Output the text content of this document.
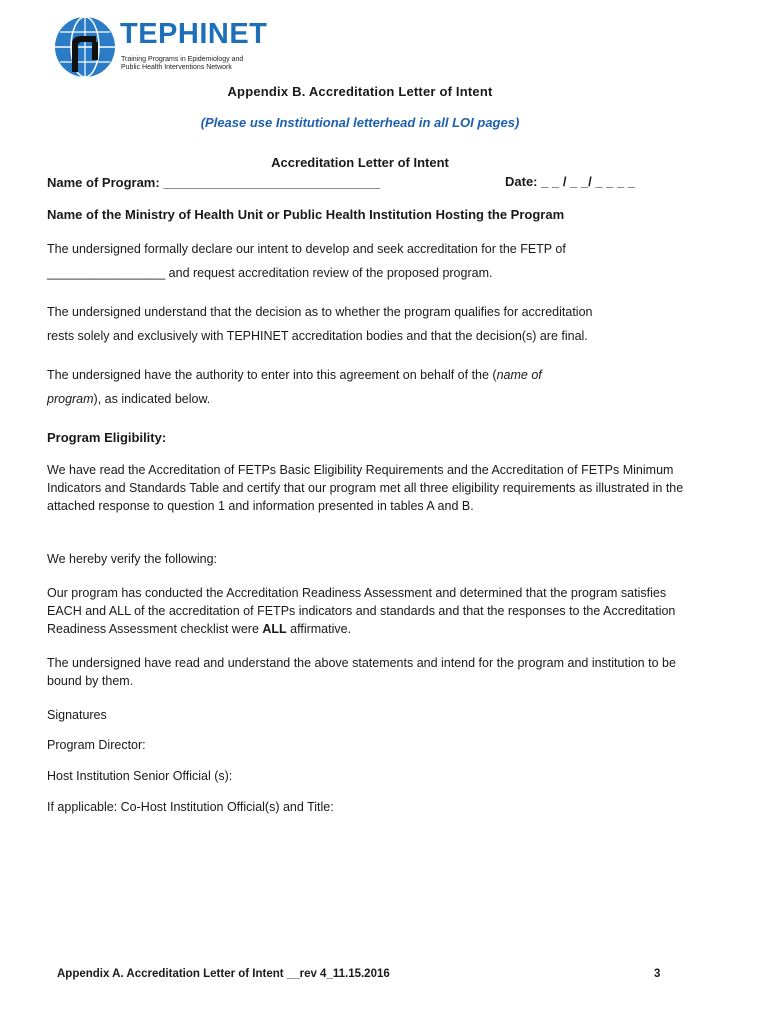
TEPHINET
Training Programs in Epidemiology and
Public Health Interventions Network
Appendix B. Accreditation Letter of Intent
(Please use Institutional letterhead in all LOI pages)
Accreditation Letter of Intent
Name of Program: ______________________________	Date: _ _ / _ _/ _ _ _ _
Name of the Ministry of Health Unit or Public Health Institution Hosting the Program
The undersigned formally declare our intent to develop and seek accreditation for the FETP of
_________________ and request accreditation review of the proposed program.
The undersigned understand that the decision as to whether the program qualifies for accreditation
rests solely and exclusively with TEPHINET accreditation bodies and that the decision(s) are final.
The undersigned have the authority to enter into this agreement on behalf of the (name of
program), as indicated below.
Program Eligibility:
We have read the Accreditation of FETPs Basic Eligibility Requirements and the Accreditation of FETPs Minimum Indicators and Standards Table and certify that our program met all three eligibility requirements as illustrated in the attached response to question 1 and information presented in tables A and B.
We hereby verify the following:
Our program has conducted the Accreditation Readiness Assessment and determined that the program satisfies EACH and ALL of the accreditation of FETPs indicators and standards and that the responses to the Accreditation Readiness Assessment checklist were ALL affirmative.
The undersigned have read and understand the above statements and intend for the program and institution to be bound by them.
Signatures
Program Director:
Host Institution Senior Official (s):
If applicable: Co-Host Institution Official(s) and Title:
Appendix A. Accreditation Letter of Intent __rev 4_11.15.2016	3
